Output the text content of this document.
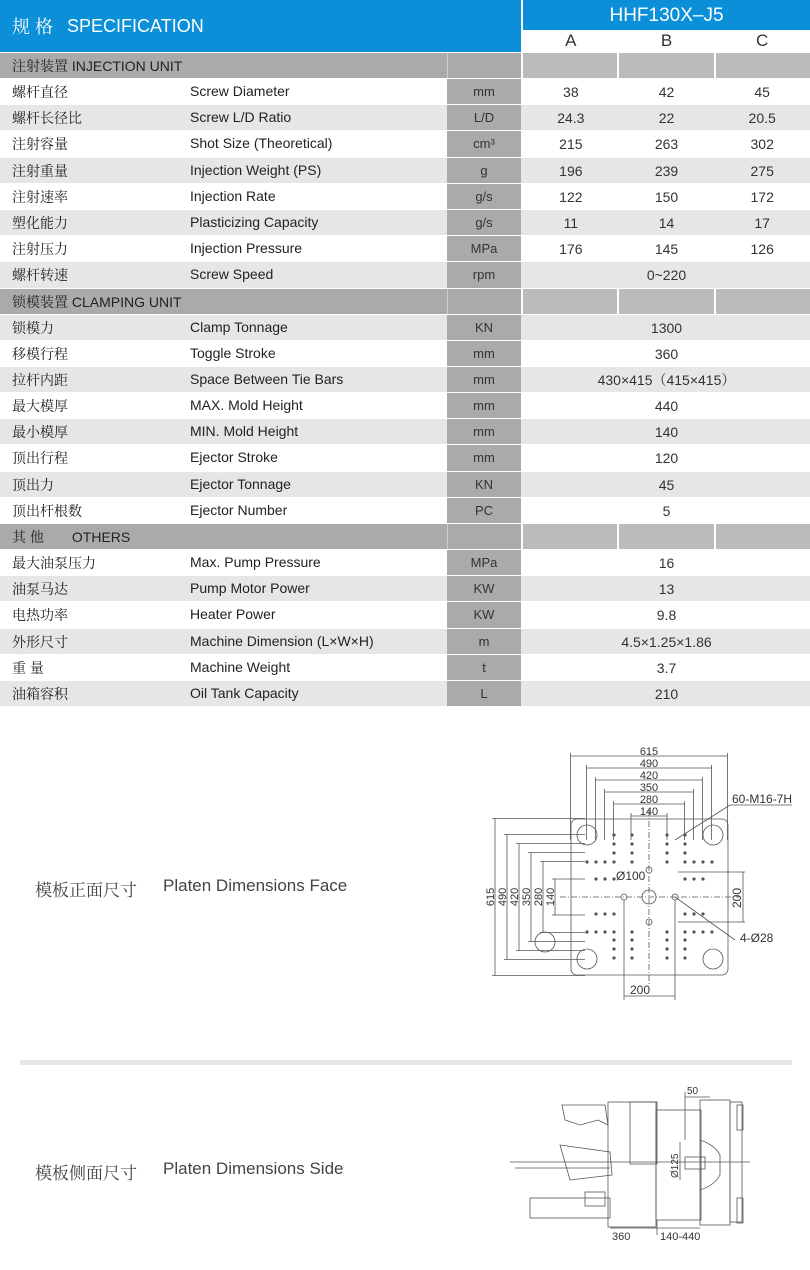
规 格 SPECIFICATION	HHF130X–J5
A	B	C
注射装置 INJECTION UNIT
螺杆直径	Screw Diameter	mm	38	42	45
螺杆长径比	Screw L/D Ratio	L/D	24.3	22	20.5
注射容量	Shot Size (Theoretical)	cm³	215	263	302
注射重量	Injection Weight (PS)	g	196	239	275
注射速率	Injection Rate	g/s	122	150	172
塑化能力	Plasticizing Capacity	g/s	11	14	17
注射压力	Injection Pressure	MPa	176	145	126
螺杆转速	Screw Speed	rpm	0~220
锁模装置 CLAMPING UNIT
锁模力	Clamp Tonnage	KN	1300
移模行程	Toggle Stroke	mm	360
拉杆内距	Space Between Tie Bars	mm	430×415（415×415）
最大模厚	MAX. Mold Height	mm	440
最小模厚	MIN. Mold Height	mm	140
顶出行程	Ejector Stroke	mm	120
顶出力	Ejector Tonnage	KN	45
顶出杆根数	Ejector Number	PC	5
其 他　　OTHERS
最大油泵压力	Max. Pump Pressure	MPa	16
油泵马达	Pump Motor Power	KW	13
电热功率	Heater Power	KW	9.8
外形尺寸	Machine Dimension (L×W×H)	m	4.5×1.25×1.86
重 量	Machine Weight	t	3.7
油箱容积	Oil Tank Capacity	L	210
模板正面尺寸 Platen Dimensions Face
615
490
420
350
280
140
615 490 420 350 280 140
60-M16-7H
Ø100
4-Ø28
200
200
模板侧面尺寸 Platen Dimensions Side
360	140-440
50
Ø125
